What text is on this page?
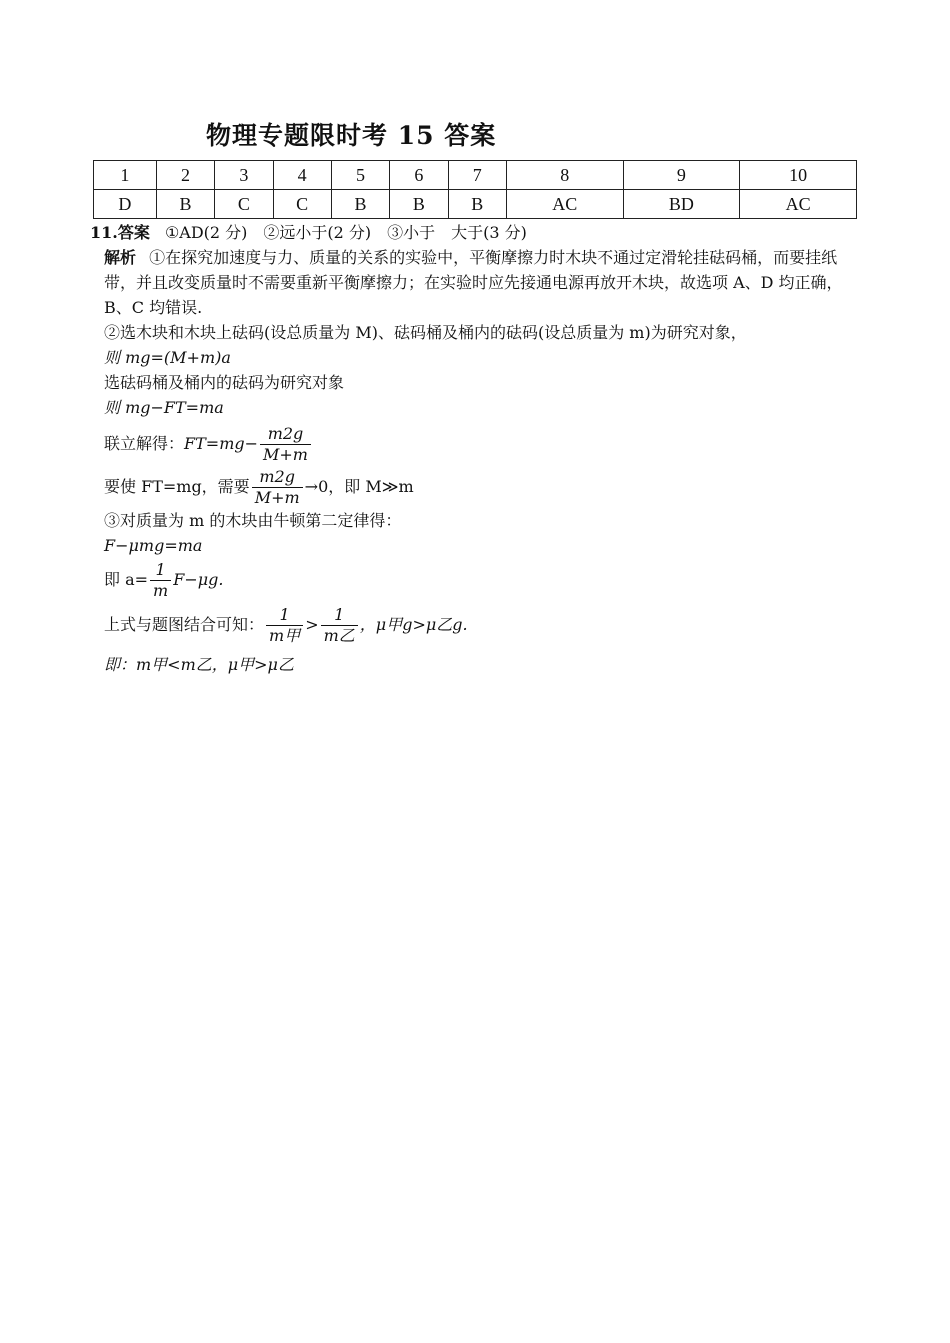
物理专题限时考 15 答案
1	2	3	4	5	6	7	8	9	10
D	B	C	C	B	B	B	AC	BD	AC
11.答案 ①AD(2 分)　②远小于(2 分)　③小于　大于(3 分)
解析 ①在探究加速度与力、质量的关系的实验中，平衡摩擦力时木块不通过定滑轮挂砝码桶，而要挂纸带，并且改变质量时不需要重新平衡摩擦力；在实验时应先接通电源再放开木块，故选项 A、D 均正确，B、C 均错误.
②选木块和木块上砝码(设总质量为 M)、砝码桶及桶内的砝码(设总质量为 m)为研究对象，
则 mg=(M+m)a
选砝码桶及桶内的砝码为研究对象
则 mg−FT=ma
联立解得：$FT=mg- \frac{m2g}{M+m}$
要使 FT=mg，需要 $\frac{m2g}{M+m} \to 0$，即 M≫m
③对质量为 m 的木块由牛顿第二定律得：
F−μmg=ma
即 $a= \frac{1}{m} F-\mu g$.
上式与题图结合可知： $\frac{1}{\text{m甲}} > \frac{1}{\text{m乙}}$ ，μ甲g>μ乙g.
即：m甲<m乙，μ甲>μ乙
